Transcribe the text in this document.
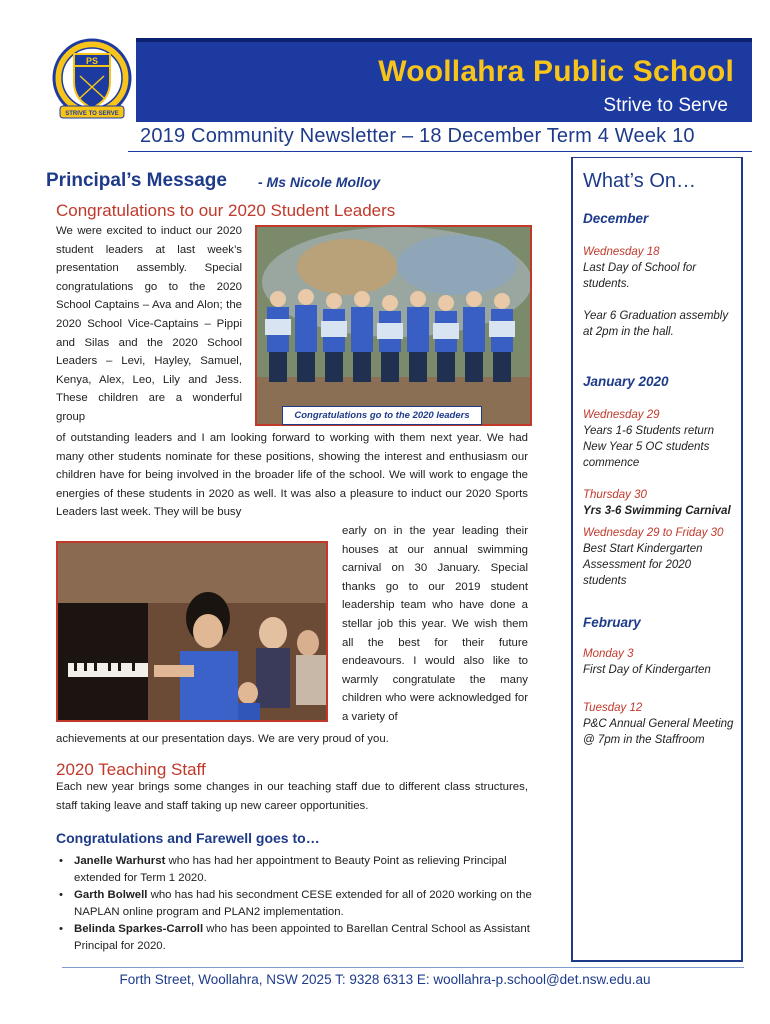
PS
STRIVE TO SERVE
Woollahra Public School
Strive to Serve
2019 Community Newsletter – 18 December Term 4 Week 10
Principal’s Message - Ms Nicole Molloy
Congratulations to our 2020 Student Leaders
We were excited to induct our 2020 student leaders at last week’s presentation assembly. Special congratulations go to the 2020 School Captains – Ava and Alon; the 2020 School Vice-Captains – Pippi and Silas and the 2020 School Leaders – Levi, Hayley, Samuel, Kenya, Alex, Leo, Lily and Jess. These children are a wonderful group	Congratulations go to the 2020 leaders
of outstanding leaders and I am looking forward to working with them next year. We had many other students nominate for these positions, showing the interest and enthusiasm our children have for being involved in the broader life of the school. We will work to engage the energies of these students in 2020 as well. It was also a pleasure to induct our 2020 Sports Leaders last week. They will be busy
early on in the year leading their houses at our annual swimming carnival on 30 January. Special thanks go to our 2019 student leadership team who have done a stellar job this year. We wish them all the best for their future endeavours. I would also like to warmly congratulate the many children who were acknowledged for a variety of
achievements at our presentation days. We are very proud of you.
2020 Teaching Staff
Each new year brings some changes in our teaching staff due to different class structures, staff taking leave and staff taking up new career opportunities.
Congratulations and Farewell goes to…
• Janelle Warhurst who has had her appointment to Beauty Point as relieving Principal extended for Term 1 2020.
• Garth Bolwell who has had his secondment CESE extended for all of 2020 working on the NAPLAN online program and PLAN2 implementation.
• Belinda Sparkes-Carroll who has been appointed to Barellan Central School as Assistant Principal for 2020.
What’s On…
December
Wednesday 18
Last Day of School for students.
Year 6 Graduation assembly at 2pm in the hall.
January 2020
Wednesday 29
Years 1-6 Students return New Year 5 OC students commence
Thursday 30
Yrs 3-6 Swimming Carnival
Wednesday 29 to Friday 30
Best Start Kindergarten Assessment for 2020 students
February
Monday 3
First Day of Kindergarten
Tuesday 12
P&C Annual General Meeting @ 7pm in the Staffroom
Forth Street, Woollahra, NSW 2025 T: 9328 6313 E: woollahra-p.school@det.nsw.edu.au
